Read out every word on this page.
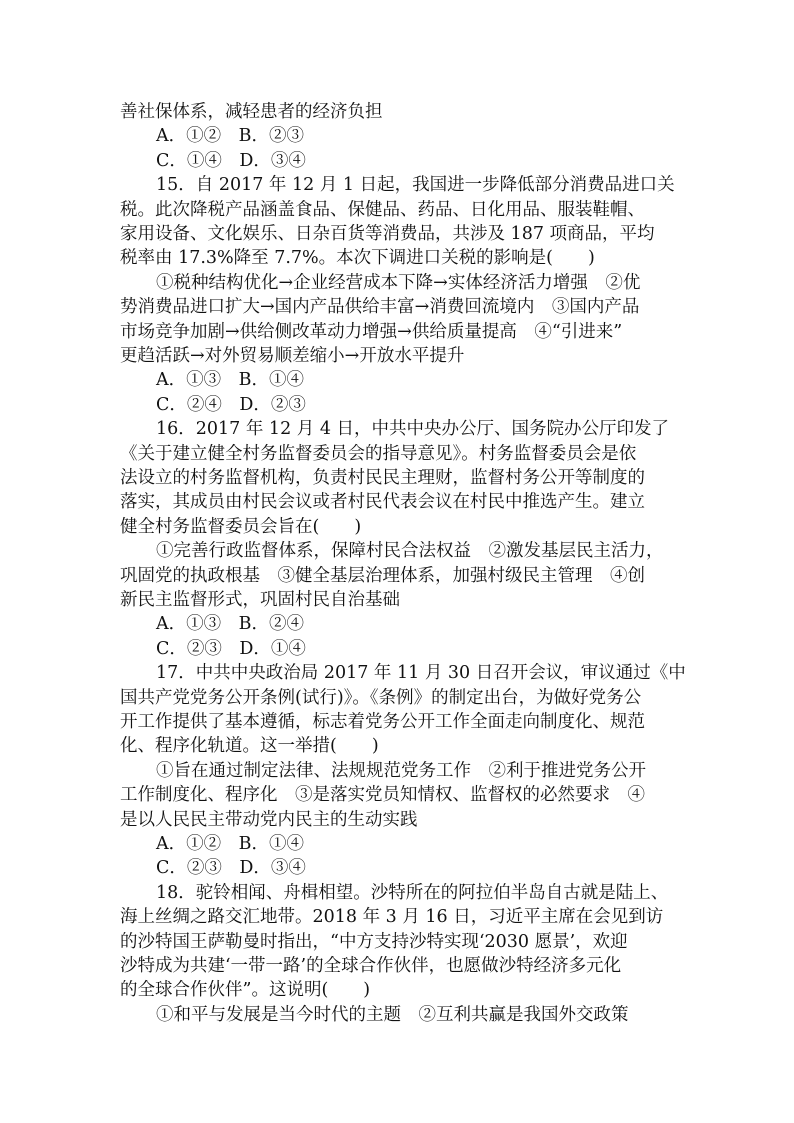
善社保体系，减轻患者的经济负担
A．①②　B．②③
C．①④　D．③④
15．自 2017 年 12 月 1 日起，我国进一步降低部分消费品进口关
税。此次降税产品涵盖食品、保健品、药品、日化用品、服装鞋帽、
家用设备、文化娱乐、日杂百货等消费品，共涉及 187 项商品，平均
税率由 17.3%降至 7.7%。本次下调进口关税的影响是(　　)
①税种结构优化→企业经营成本下降→实体经济活力增强　②优
势消费品进口扩大→国内产品供给丰富→消费回流境内　③国内产品
市场竞争加剧→供给侧改革动力增强→供给质量提高　④“引进来”
更趋活跃→对外贸易顺差缩小→开放水平提升
A．①③　B．①④
C．②④　D．②③
16．2017 年 12 月 4 日，中共中央办公厅、国务院办公厅印发了
《关于建立健全村务监督委员会的指导意见》。村务监督委员会是依
法设立的村务监督机构，负责村民民主理财，监督村务公开等制度的
落实，其成员由村民会议或者村民代表会议在村民中推选产生。建立
健全村务监督委员会旨在(　　)
①完善行政监督体系，保障村民合法权益　②激发基层民主活力，
巩固党的执政根基　③健全基层治理体系，加强村级民主管理　④创
新民主监督形式，巩固村民自治基础
A．①③　B．②④
C．②③　D．①④
17．中共中央政治局 2017 年 11 月 30 日召开会议，审议通过《中
国共产党党务公开条例(试行)》。《条例》的制定出台，为做好党务公
开工作提供了基本遵循，标志着党务公开工作全面走向制度化、规范
化、程序化轨道。这一举措(　　)
①旨在通过制定法律、法规规范党务工作　②利于推进党务公开
工作制度化、程序化　③是落实党员知情权、监督权的必然要求　④
是以人民民主带动党内民主的生动实践
A．①②　B．①④
C．②③　D．③④
18．驼铃相闻、舟楫相望。沙特所在的阿拉伯半岛自古就是陆上、
海上丝绸之路交汇地带。2018 年 3 月 16 日，习近平主席在会见到访
的沙特国王萨勒曼时指出，“中方支持沙特实现‘2030 愿景’，欢迎
沙特成为共建‘一带一路’的全球合作伙伴，也愿做沙特经济多元化
的全球合作伙伴”。这说明(　　)
①和平与发展是当今时代的主题　②互利共赢是我国外交政策
